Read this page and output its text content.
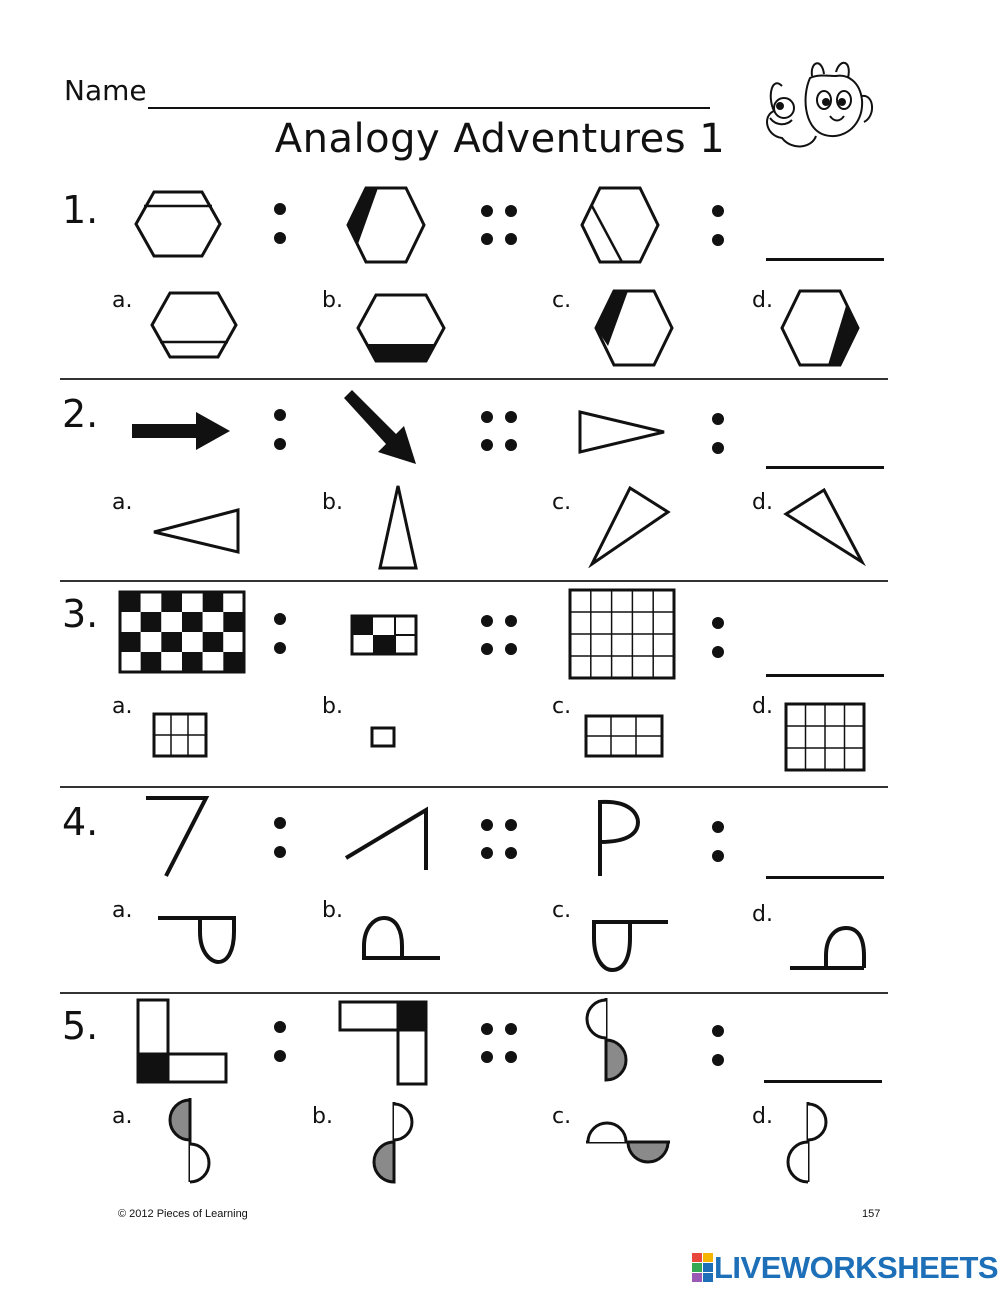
Name
Analogy Adventures 1
1.
a.	b.	c.	d.
2.
a.	b.	c.	d.
3.
a.	b.	c.	d.
4.
a.	b.	c.	d.
5.
a.	b.	c.	d.
© 2012 Pieces of Learning	157
LIVEWORKSHEETS
